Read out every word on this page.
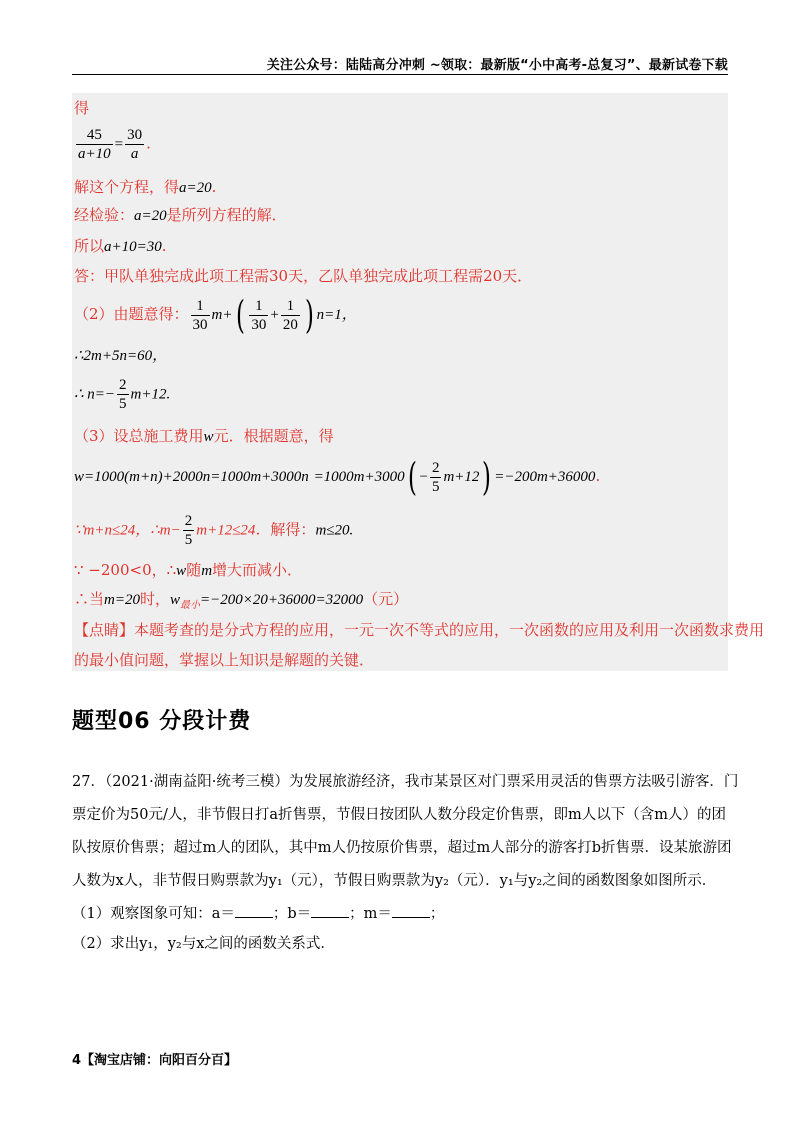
关注公众号：陆陆高分冲刺 ~领取：最新版“小中高考-总复习”、最新试卷下载
得
$\frac{45}{a+10} = \frac{30}{a}$ .
解这个方程，得a=20.
经检验：a=20是所列方程的解．
所以a+10=30.
答：甲队单独完成此项工程需30天，乙队单独完成此项工程需20天．
（2）由题意得： $\frac{1}{30} m+( \frac{1}{30} + \frac{1}{20}$ ) n=1，
∴2m+5n=60，
∴ $n=- \frac{2}{5} m+12$.
（3）设总施工费用w元．根据题意，得
$w=1000(m+n)+2000n=1000m+3000n =1000m+3000( - \frac{2}{5} m+12) =-200m+36000$.
∵m+n≤24，∴m− $\frac{2}{5} m+12\le 24$．解得：m≤20.
∵ −200<0，∴w随m增大而减小．
∴当m=20时，$w_{最小}=-200\times 20+36000=32000$（元）
【点睛】本题考查的是分式方程的应用，一元一次不等式的应用，一次函数的应用及利用一次函数求费用
的最小值问题，掌握以上知识是解题的关键．
题型06 分段计费
27．（2021·湖南益阳·统考三模）为发展旅游经济，我市某景区对门票采用灵活的售票方法吸引游客．门
票定价为50元/人，非节假日打a折售票，节假日按团队人数分段定价售票，即m人以下（含m人）的团
队按原价售票；超过m人的团队，其中m人仍按原价售票，超过m人部分的游客打b折售票．设某旅游团
人数为x人，非节假日购票款为y₁（元），节假日购票款为y₂（元）．y₁与y₂之间的函数图象如图所示．
（1）观察图象可知：a＝	；b＝	；m＝	；
（2）求出y₁，y₂与x之间的函数关系式．
4【淘宝店铺：向阳百分百】
